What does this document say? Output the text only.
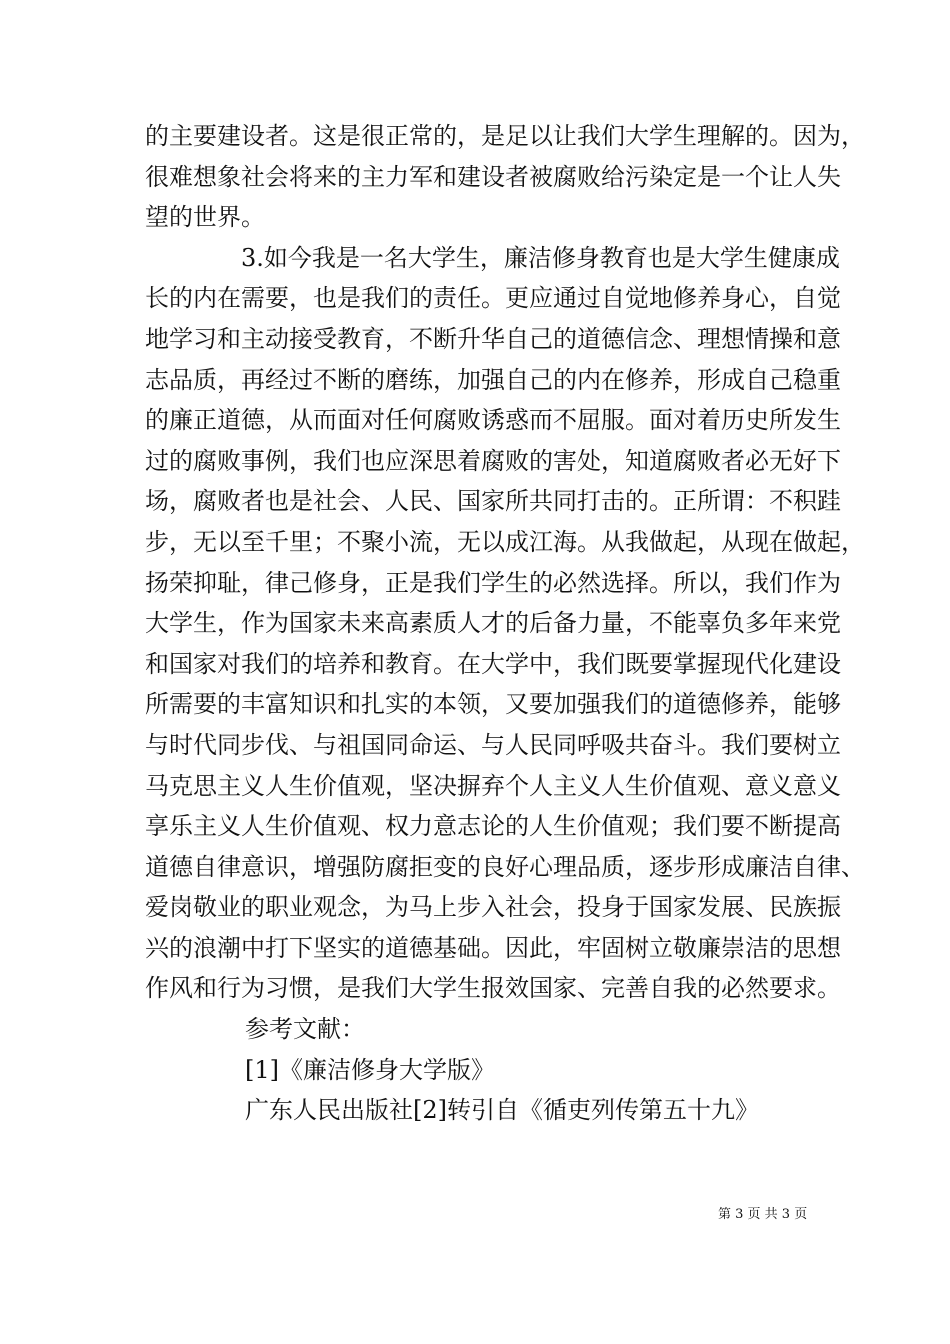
的主要建设者。这是很正常的，是足以让我们大学生理解的。因为，
很难想象社会将来的主力军和建设者被腐败给污染定是一个让人失
望的世界。
　　　　3.如今我是一名大学生，廉洁修身教育也是大学生健康成
长的内在需要，也是我们的责任。更应通过自觉地修养身心，自觉
地学习和主动接受教育，不断升华自己的道德信念、理想情操和意
志品质，再经过不断的磨练，加强自己的内在修养，形成自己稳重
的廉正道德，从而面对任何腐败诱惑而不屈服。面对着历史所发生
过的腐败事例，我们也应深思着腐败的害处，知道腐败者必无好下
场，腐败者也是社会、人民、国家所共同打击的。正所谓：不积跬
步，无以至千里；不聚小流，无以成江海。从我做起，从现在做起，
扬荣抑耻，律己修身，正是我们学生的必然选择。所以，我们作为
大学生，作为国家未来高素质人才的后备力量，不能辜负多年来党
和国家对我们的培养和教育。在大学中，我们既要掌握现代化建设
所需要的丰富知识和扎实的本领，又要加强我们的道德修养，能够
与时代同步伐、与祖国同命运、与人民同呼吸共奋斗。我们要树立
马克思主义人生价值观，坚决摒弃个人主义人生价值观、意义意义
享乐主义人生价值观、权力意志论的人生价值观；我们要不断提高
道德自律意识，增强防腐拒变的良好心理品质，逐步形成廉洁自律、
爱岗敬业的职业观念，为马上步入社会，投身于国家发展、民族振
兴的浪潮中打下坚实的道德基础。因此，牢固树立敬廉崇洁的思想
作风和行为习惯，是我们大学生报效国家、完善自我的必然要求。
参考文献：
[1]《廉洁修身大学版》
广东人民出版社[2]转引自《循吏列传第五十九》
第 3 页 共 3 页
